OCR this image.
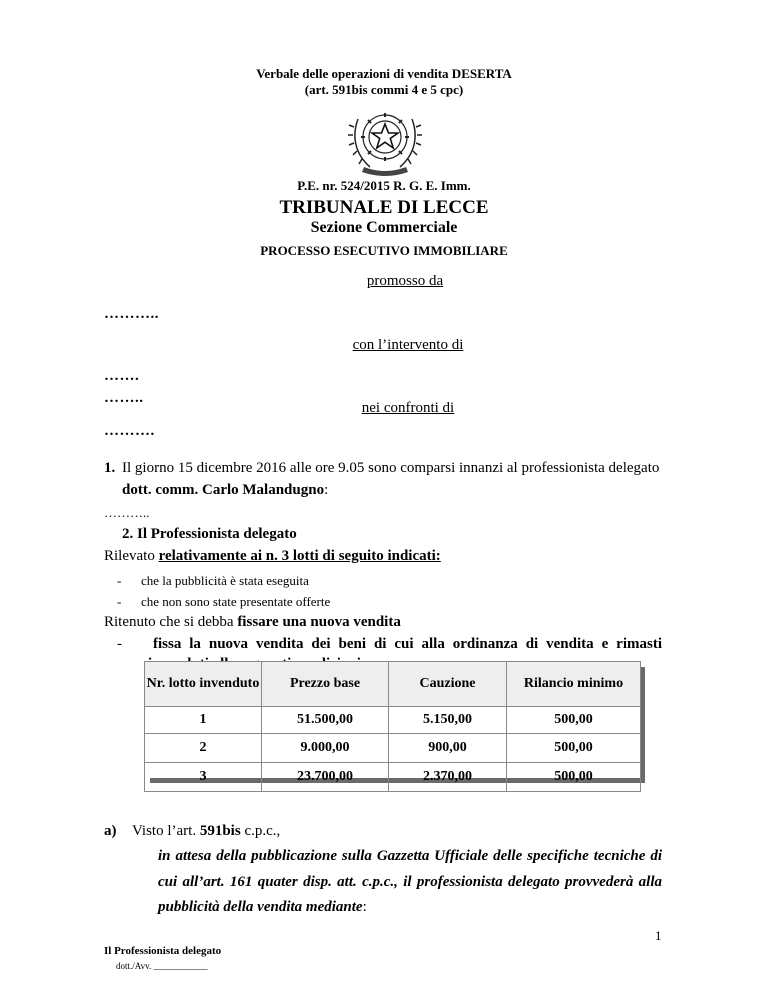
Verbale delle operazioni di vendita DESERTA
(art. 591bis commi 4 e 5 cpc)
P.E. nr. 524/2015 R. G. E. Imm.
TRIBUNALE DI LECCE
Sezione Commerciale
PROCESSO ESECUTIVO IMMOBILIARE
promosso da
………..
con l’intervento di
…….
……..
nei confronti di
……….
1. Il giorno 15 dicembre 2016 alle ore 9.05 sono comparsi innanzi al professionista delegato
dott. comm. Carlo Malandugno:
………..
2. Il Professionista delegato
Rilevato relativamente ai n. 3 lotti di seguito indicati:
- che la pubblicità è stata eseguita
- che non sono state presentate offerte
Ritenuto che si debba fissare una nuova vendita
- fissa la nuova vendita dei beni di cui alla ordinanza di vendita e rimasti
Nr. lotto invenduto	Prezzo base	Cauzione	Rilancio minimo
1	51.500,00	5.150,00	500,00
2	9.000,00	900,00	500,00
3	23.700,00	2.370,00	500,00
a) Visto l’art. 591bis c.p.c.,
in attesa della pubblicazione sulla Gazzetta Ufficiale delle specifiche tecniche di
cui all’art. 161 quater disp. att. c.p.c., il professionista delegato provvederà alla
pubblicità della vendita mediante:
1
Il Professionista delegato
dott./Avv. ____________
